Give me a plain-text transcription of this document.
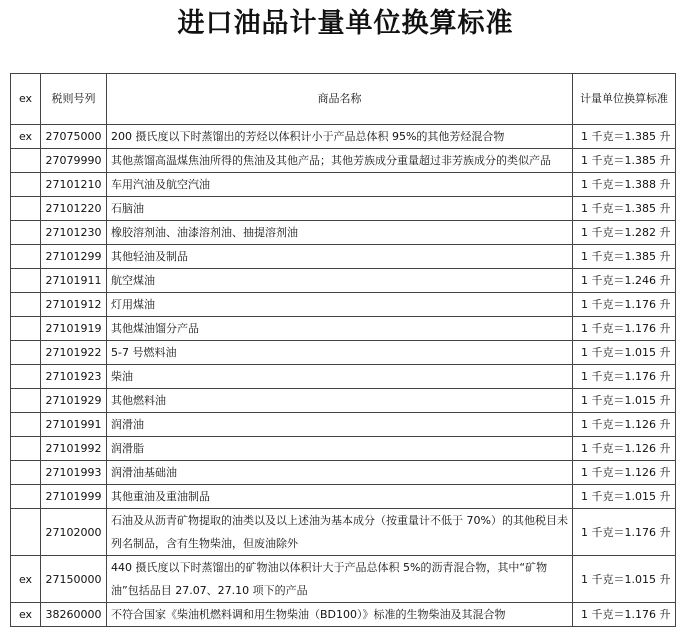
进口油品计量单位换算标准
ex	税则号列	商品名称	计量单位换算标准
ex	27075000	200 摄氏度以下时蒸馏出的芳烃以体积计小于产品总体积 95%的其他芳烃混合物	1 千克＝1.385 升
	27079990	其他蒸馏高温煤焦油所得的焦油及其他产品；其他芳族成分重量超过非芳族成分的类似产品	1 千克＝1.385 升
	27101210	车用汽油及航空汽油	1 千克＝1.388 升
	27101220	石脑油	1 千克＝1.385 升
	27101230	橡胶溶剂油、油漆溶剂油、抽提溶剂油	1 千克＝1.282 升
	27101299	其他轻油及制品	1 千克＝1.385 升
	27101911	航空煤油	1 千克＝1.246 升
	27101912	灯用煤油	1 千克＝1.176 升
	27101919	其他煤油馏分产品	1 千克＝1.176 升
	27101922	5-7 号燃料油	1 千克＝1.015 升
	27101923	柴油	1 千克＝1.176 升
	27101929	其他燃料油	1 千克＝1.015 升
	27101991	润滑油	1 千克＝1.126 升
	27101992	润滑脂	1 千克＝1.126 升
	27101993	润滑油基础油	1 千克＝1.126 升
	27101999	其他重油及重油制品	1 千克＝1.015 升
	27102000	石油及从沥青矿物提取的油类以及以上述油为基本成分（按重量计不低于 70%）的其他税目未列名制品，含有生物柴油，但废油除外	1 千克＝1.176 升
ex	27150000	440 摄氏度以下时蒸馏出的矿物油以体积计大于产品总体积 5%的沥青混合物，其中“矿物油”包括品目 27.07、27.10 项下的产品	1 千克＝1.015 升
ex	38260000	不符合国家《柴油机燃料调和用生物柴油（BD100）》标准的生物柴油及其混合物	1 千克＝1.176 升
